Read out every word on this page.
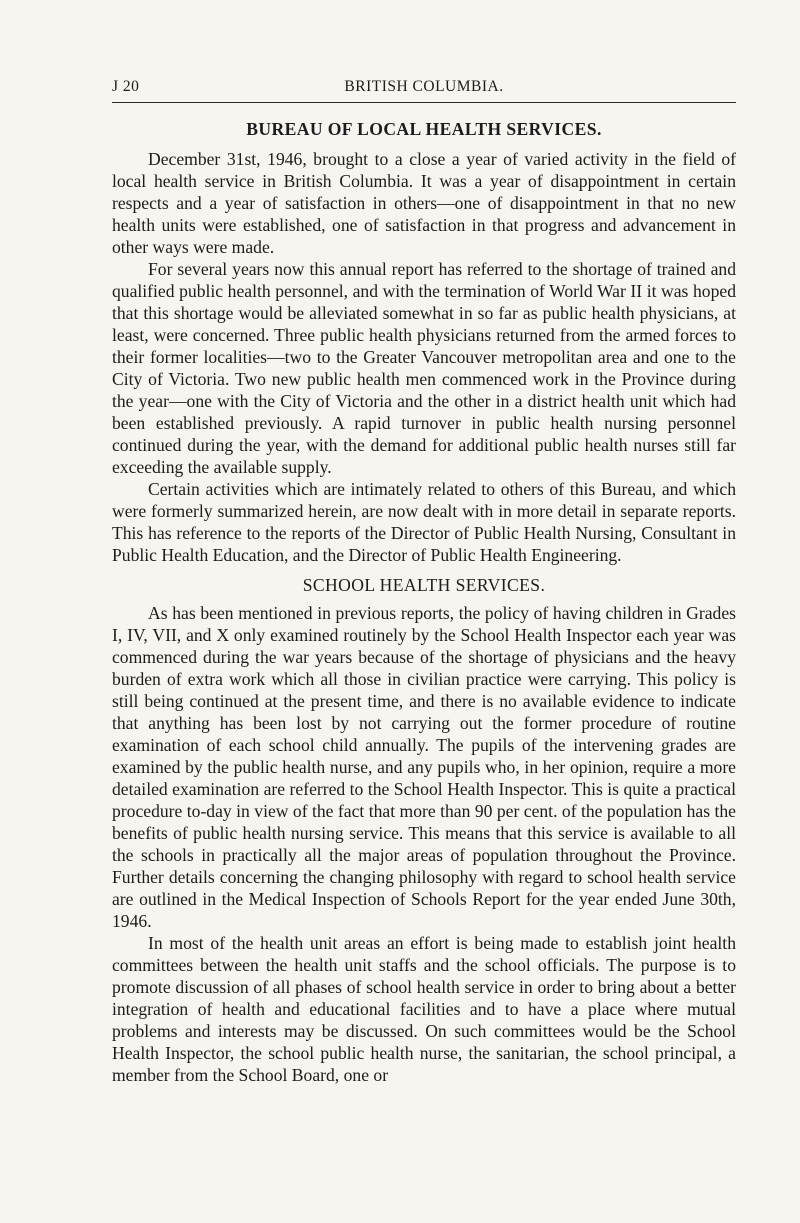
J 20	BRITISH COLUMBIA.
BUREAU OF LOCAL HEALTH SERVICES.

December 31st, 1946, brought to a close a year of varied activity in the field of local health service in British Columbia. It was a year of disappointment in certain respects and a year of satisfaction in others—one of disappointment in that no new health units were established, one of satisfaction in that progress and advancement in other ways were made.

For several years now this annual report has referred to the shortage of trained and qualified public health personnel, and with the termination of World War II it was hoped that this shortage would be alleviated somewhat in so far as public health physicians, at least, were concerned. Three public health physicians returned from the armed forces to their former localities—two to the Greater Vancouver metropolitan area and one to the City of Victoria. Two new public health men commenced work in the Province during the year—one with the City of Victoria and the other in a district health unit which had been established previously. A rapid turnover in public health nursing personnel continued during the year, with the demand for additional public health nurses still far exceeding the available supply.

Certain activities which are intimately related to others of this Bureau, and which were formerly summarized herein, are now dealt with in more detail in separate reports. This has reference to the reports of the Director of Public Health Nursing, Consultant in Public Health Education, and the Director of Public Health Engineering.

SCHOOL HEALTH SERVICES.

As has been mentioned in previous reports, the policy of having children in Grades I, IV, VII, and X only examined routinely by the School Health Inspector each year was commenced during the war years because of the shortage of physicians and the heavy burden of extra work which all those in civilian practice were carrying. This policy is still being continued at the present time, and there is no available evidence to indicate that anything has been lost by not carrying out the former procedure of routine examination of each school child annually. The pupils of the intervening grades are examined by the public health nurse, and any pupils who, in her opinion, require a more detailed examination are referred to the School Health Inspector. This is quite a practical procedure to-day in view of the fact that more than 90 per cent. of the population has the benefits of public health nursing service. This means that this service is available to all the schools in practically all the major areas of population throughout the Province. Further details concerning the changing philosophy with regard to school health service are outlined in the Medical Inspection of Schools Report for the year ended June 30th, 1946.

In most of the health unit areas an effort is being made to establish joint health committees between the health unit staffs and the school officials. The purpose is to promote discussion of all phases of school health service in order to bring about a better integration of health and educational facilities and to have a place where mutual problems and interests may be discussed. On such committees would be the School Health Inspector, the school public health nurse, the sanitarian, the school principal, a member from the School Board, one or
